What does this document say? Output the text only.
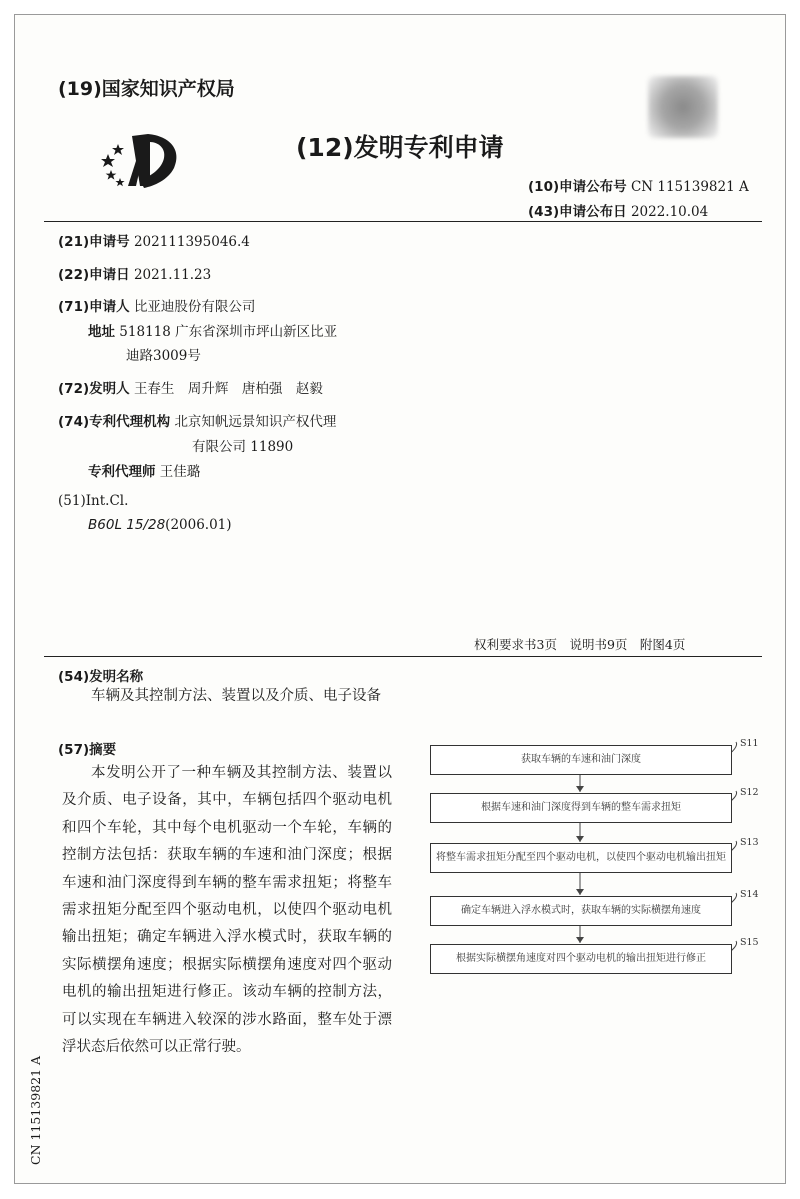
(19)国家知识产权局
(12)发明专利申请
(10)申请公布号 CN 115139821 A
(43)申请公布日 2022.10.04
(21)申请号 202111395046.4
(22)申请日 2021.11.23
(71)申请人 比亚迪股份有限公司
地址 518118 广东省深圳市坪山新区比亚
迪路3009号
(72)发明人 王春生　周升辉　唐柏强　赵毅
(74)专利代理机构 北京知帆远景知识产权代理
有限公司 11890
专利代理师 王佳璐
(51)Int.Cl.
B60L 15/28(2006.01)
权利要求书3页　说明书9页　附图4页
(54)发明名称
车辆及其控制方法、装置以及介质、电子设备
(57)摘要
本发明公开了一种车辆及其控制方法、装置以及介质、电子设备，其中，车辆包括四个驱动电机和四个车轮，其中每个电机驱动一个车轮，车辆的控制方法包括：获取车辆的车速和油门深度；根据车速和油门深度得到车辆的整车需求扭矩；将整车需求扭矩分配至四个驱动电机，以使四个驱动电机输出扭矩；确定车辆进入浮水模式时，获取车辆的实际横摆角速度；根据实际横摆角速度对四个驱动电机的输出扭矩进行修正。该动车辆的控制方法，可以实现在车辆进入较深的涉水路面，整车处于漂浮状态后依然可以正常行驶。
获取车辆的车速和油门深度
S11
根据车速和油门深度得到车辆的整车需求扭矩
S12
将整车需求扭矩分配至四个驱动电机，以使四个驱动电机输出扭矩
S13
确定车辆进入浮水模式时，获取车辆的实际横摆角速度
S14
根据实际横摆角速度对四个驱动电机的输出扭矩进行修正
S15
CN 115139821 A
